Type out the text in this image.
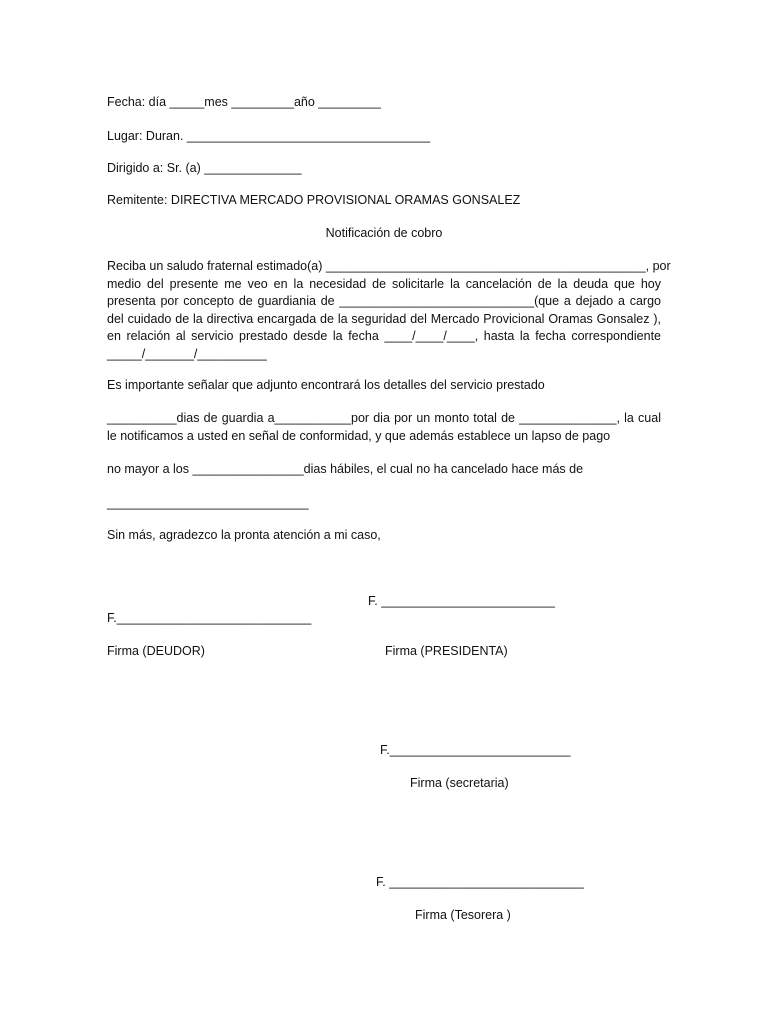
Fecha: día _____mes _________año _________
Lugar: Duran. ___________________________________
Dirigido a: Sr. (a) ______________
Remitente: DIRECTIVA MERCADO PROVISIONAL ORAMAS GONSALEZ
Notificación de cobro
Reciba un saludo fraternal estimado(a) ______________________________________________, por
medio del presente me veo en la necesidad de solicitarle la cancelación de la deuda que hoy
presenta por concepto de guardiania de ____________________________(que a dejado a cargo
del cuidado de la directiva encargada de la seguridad del Mercado Provicional Oramas Gonsalez ),
en relación al servicio prestado desde la fecha ____/____/____, hasta la fecha correspondiente
_____/_______/__________
Es importante señalar que adjunto encontrará los detalles del servicio prestado
__________dias de guardia a___________por dia por un monto total de ______________, la cual
le notificamos a usted en señal de conformidad, y que además establece un lapso de pago
no mayor a los ________________dias hábiles, el cual no ha cancelado hace más de
_____________________________
Sin más, agradezco la pronta atención a mi caso,
F. _________________________
F.____________________________
Firma (DEUDOR)	Firma (PRESIDENTA)
F.__________________________
Firma (secretaria)
F. ____________________________
Firma (Tesorera )
